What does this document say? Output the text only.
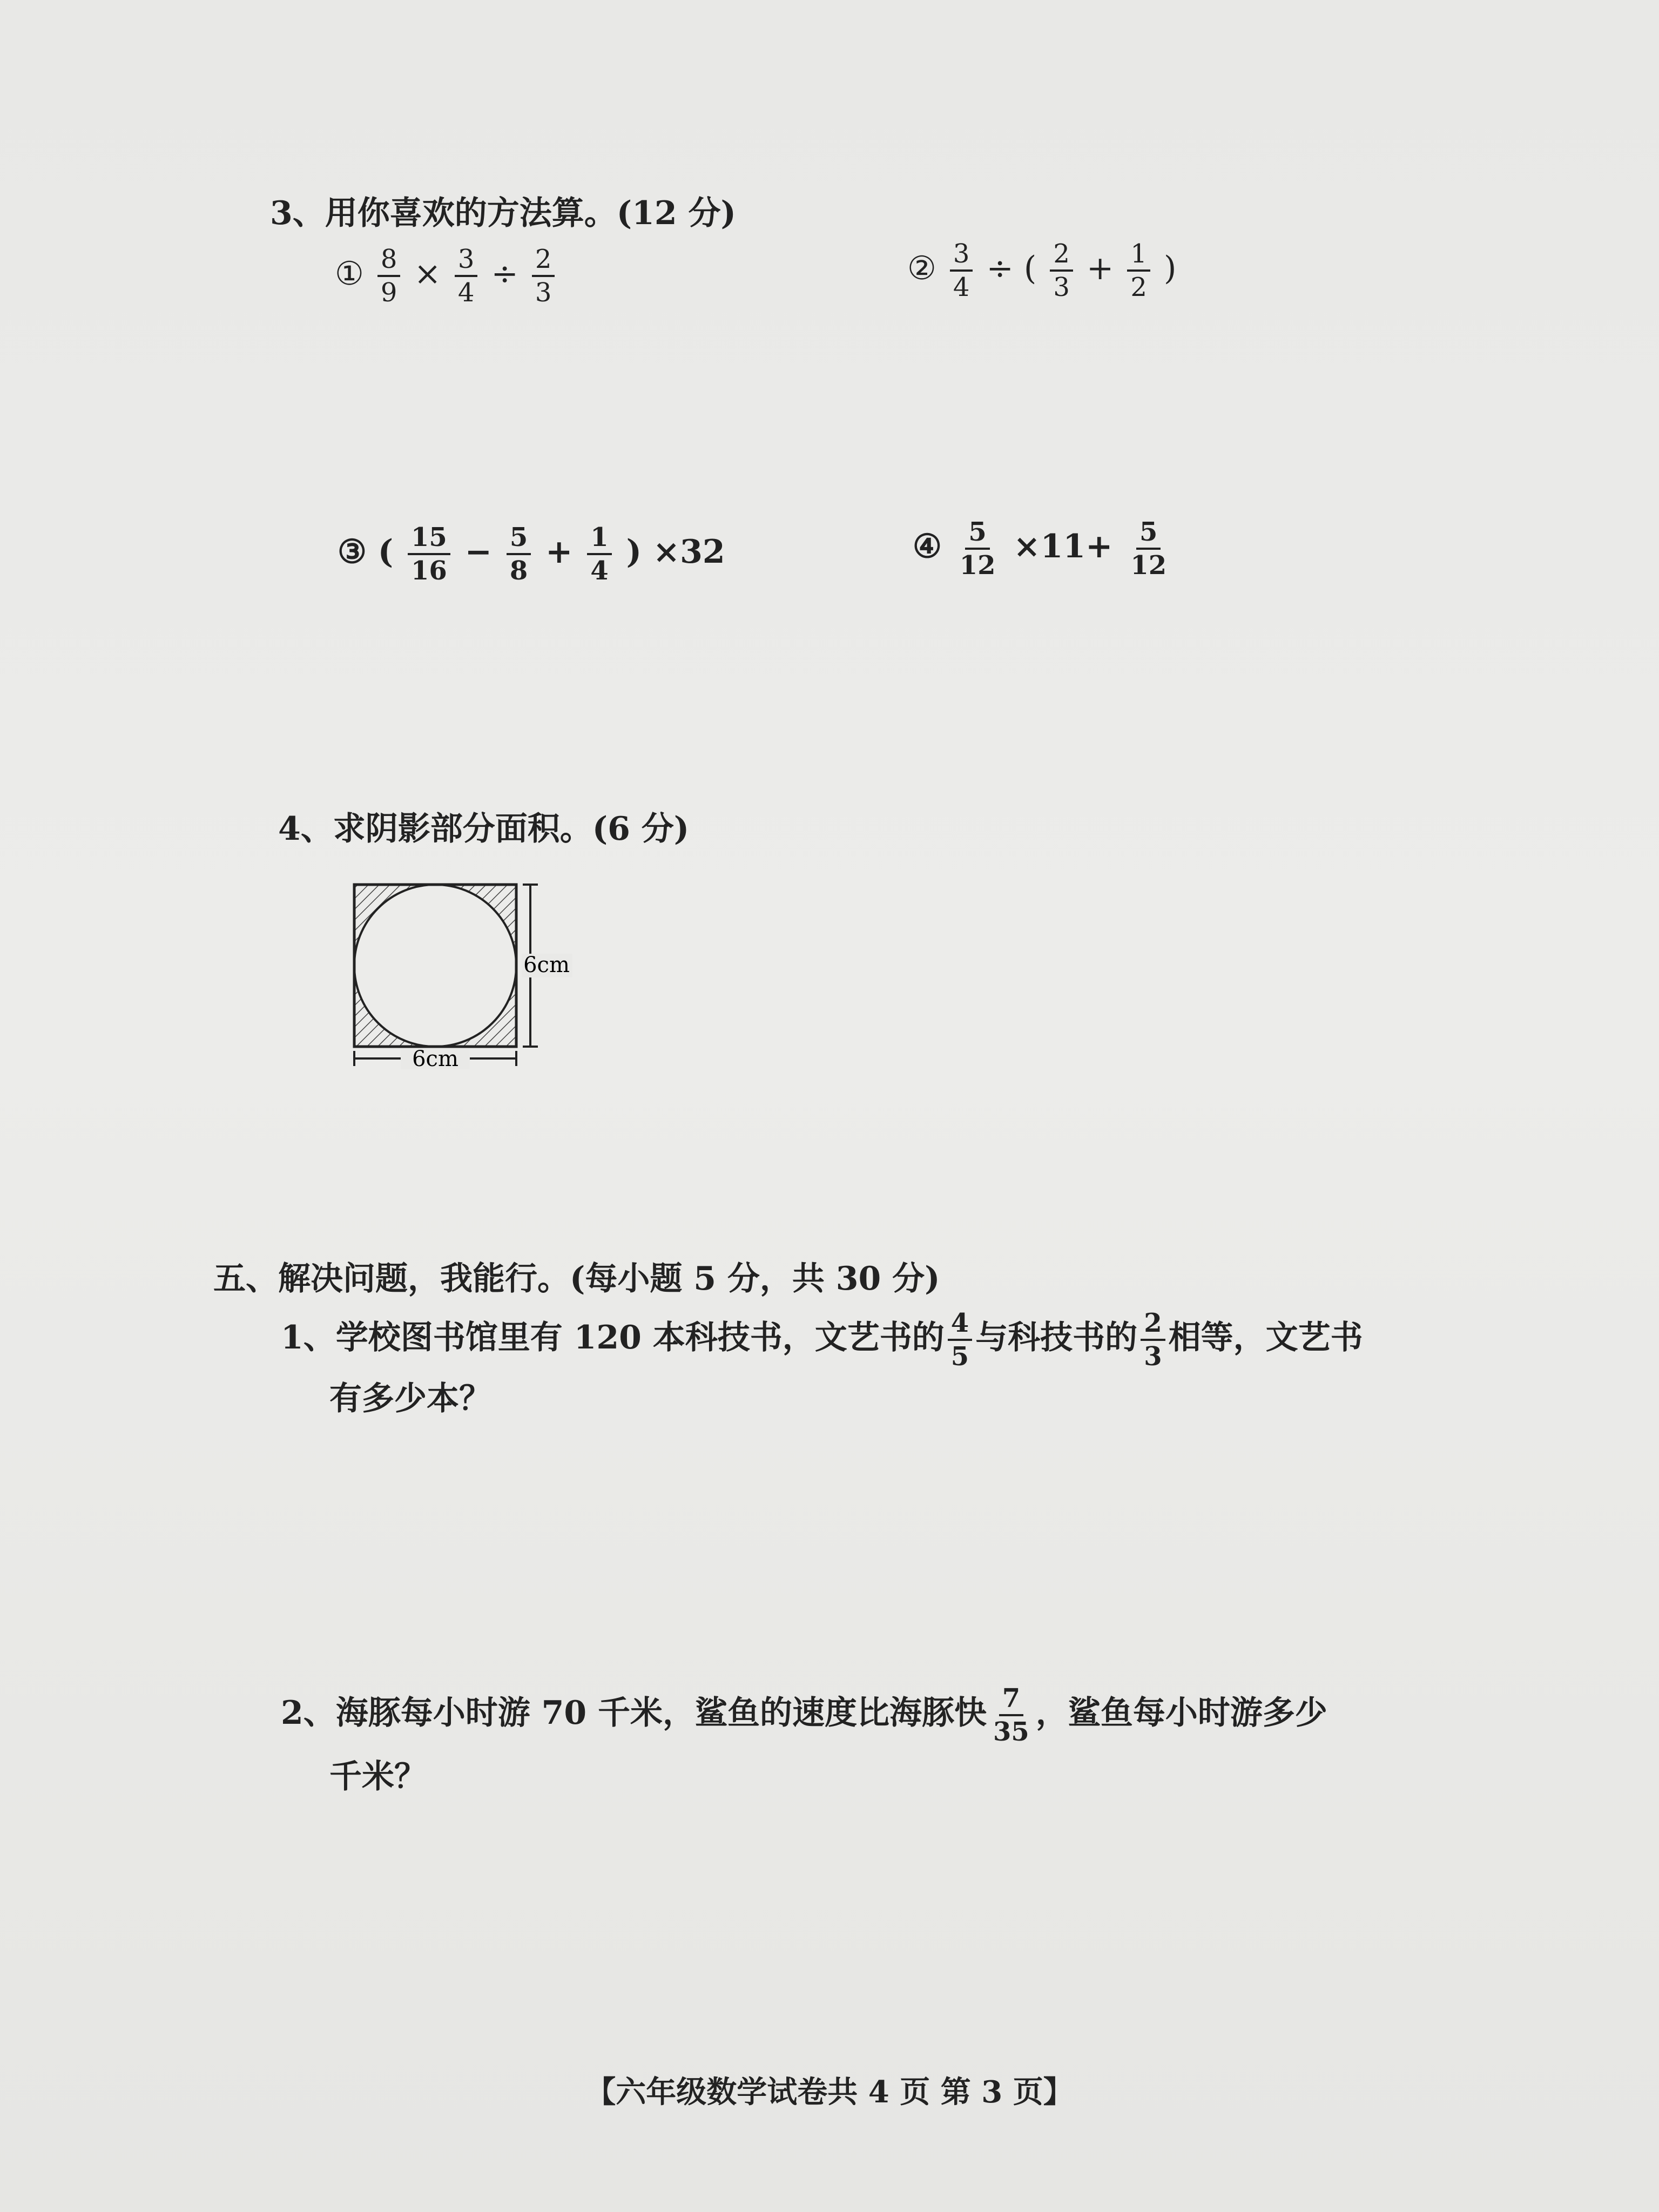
3、用你喜欢的方法算。(12 分)
① $\frac{8}{9} \times \frac{3}{4} \div \frac{2}{3}$	② $\frac{3}{4}$ ÷ ( $\frac{2}{3} + \frac{1}{2}$ )
③ ( $\frac{15}{16} - \frac{5}{8} + \frac{1}{4}$ ) ×32	④ $\frac{5}{12} \times 11+ \frac{5}{12}$
4、求阴影部分面积。(6 分)
6cm
6cm
五、解决问题，我能行。(每小题 5 分，共 30 分)
1、学校图书馆里有 120 本科技书，文艺书的 $\frac{4}{5}$ 与科技书的 $\frac{2}{3}$ 相等，文艺书
有多少本？
2、海豚每小时游 70 千米，鲨鱼的速度比海豚快 $\frac{7}{35}$ ，鲨鱼每小时游多少
千米？
【六年级数学试卷共 4 页 第 3 页】
